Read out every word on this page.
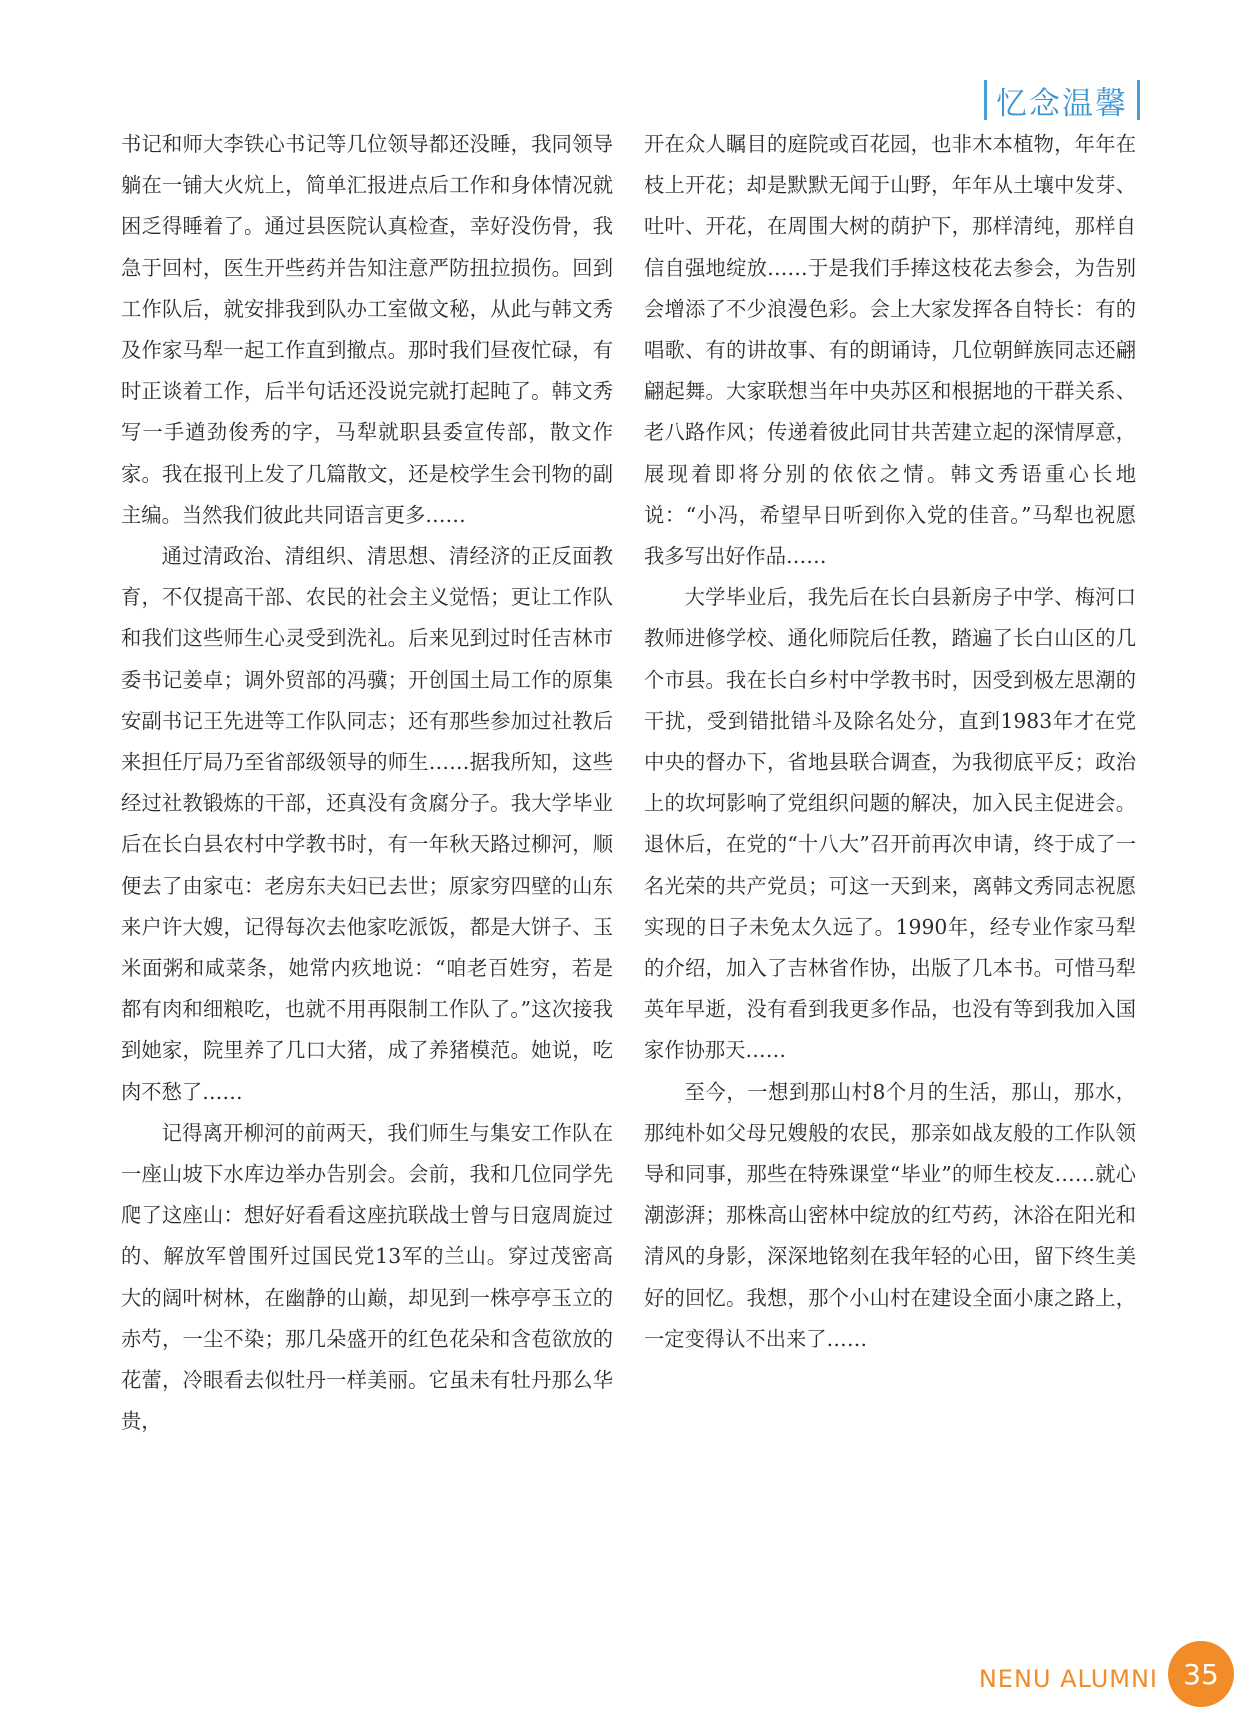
忆念温馨

书记和师大李铁心书记等几位领导都还没睡，我同领导躺在一铺大火炕上，简单汇报进点后工作和身体情况就困乏得睡着了。通过县医院认真检查，幸好没伤骨，我急于回村，医生开些药并告知注意严防扭拉损伤。回到工作队后，就安排我到队办工室做文秘，从此与韩文秀及作家马犁一起工作直到撤点。那时我们昼夜忙碌，有时正谈着工作，后半句话还没说完就打起盹了。韩文秀写一手遒劲俊秀的字，马犁就职县委宣传部，散文作家。我在报刊上发了几篇散文，还是校学生会刊物的副主编。当然我们彼此共同语言更多……

通过清政治、清组织、清思想、清经济的正反面教育，不仅提高干部、农民的社会主义觉悟；更让工作队和我们这些师生心灵受到洗礼。后来见到过时任吉林市委书记姜卓；调外贸部的冯骥；开创国土局工作的原集安副书记王先进等工作队同志；还有那些参加过社教后来担任厅局乃至省部级领导的师生……据我所知，这些经过社教锻炼的干部，还真没有贪腐分子。我大学毕业后在长白县农村中学教书时，有一年秋天路过柳河，顺便去了由家屯：老房东夫妇已去世；原家穷四壁的山东来户许大嫂，记得每次去他家吃派饭，都是大饼子、玉米面粥和咸菜条，她常内疚地说：“咱老百姓穷，若是都有肉和细粮吃，也就不用再限制工作队了。”这次接我到她家，院里养了几口大猪，成了养猪模范。她说，吃肉不愁了……

记得离开柳河的前两天，我们师生与集安工作队在一座山坡下水库边举办告别会。会前，我和几位同学先爬了这座山：想好好看看这座抗联战士曾与日寇周旋过的、解放军曾围歼过国民党13军的兰山。穿过茂密高大的阔叶树林，在幽静的山巅，却见到一株亭亭玉立的赤芍，一尘不染；那几朵盛开的红色花朵和含苞欲放的花蕾，冷眼看去似牡丹一样美丽。它虽未有牡丹那么华贵，

开在众人瞩目的庭院或百花园，也非木本植物，年年在枝上开花；却是默默无闻于山野，年年从土壤中发芽、吐叶、开花，在周围大树的荫护下，那样清纯，那样自信自强地绽放……于是我们手捧这枝花去参会，为告别会增添了不少浪漫色彩。会上大家发挥各自特长：有的唱歌、有的讲故事、有的朗诵诗，几位朝鲜族同志还翩翩起舞。大家联想当年中央苏区和根据地的干群关系、老八路作风；传递着彼此同甘共苦建立起的深情厚意，展现着即将分别的依依之情。韩文秀语重心长地说：“小冯，希望早日听到你入党的佳音。”马犁也祝愿我多写出好作品……

大学毕业后，我先后在长白县新房子中学、梅河口教师进修学校、通化师院后任教，踏遍了长白山区的几个市县。我在长白乡村中学教书时，因受到极左思潮的干扰，受到错批错斗及除名处分，直到1983年才在党中央的督办下，省地县联合调查，为我彻底平反；政治上的坎坷影响了党组织问题的解决，加入民主促进会。退休后，在党的“十八大”召开前再次申请，终于成了一名光荣的共产党员；可这一天到来，离韩文秀同志祝愿实现的日子未免太久远了。1990年，经专业作家马犁的介绍，加入了吉林省作协，出版了几本书。可惜马犁英年早逝，没有看到我更多作品，也没有等到我加入国家作协那天……

至今，一想到那山村8个月的生活，那山，那水，那纯朴如父母兄嫂般的农民，那亲如战友般的工作队领导和同事，那些在特殊课堂“毕业”的师生校友……就心潮澎湃；那株高山密林中绽放的红芍药，沐浴在阳光和清风的身影，深深地铭刻在我年轻的心田，留下终生美好的回忆。我想，那个小山村在建设全面小康之路上，一定变得认不出来了……

NENU ALUMNI 35
